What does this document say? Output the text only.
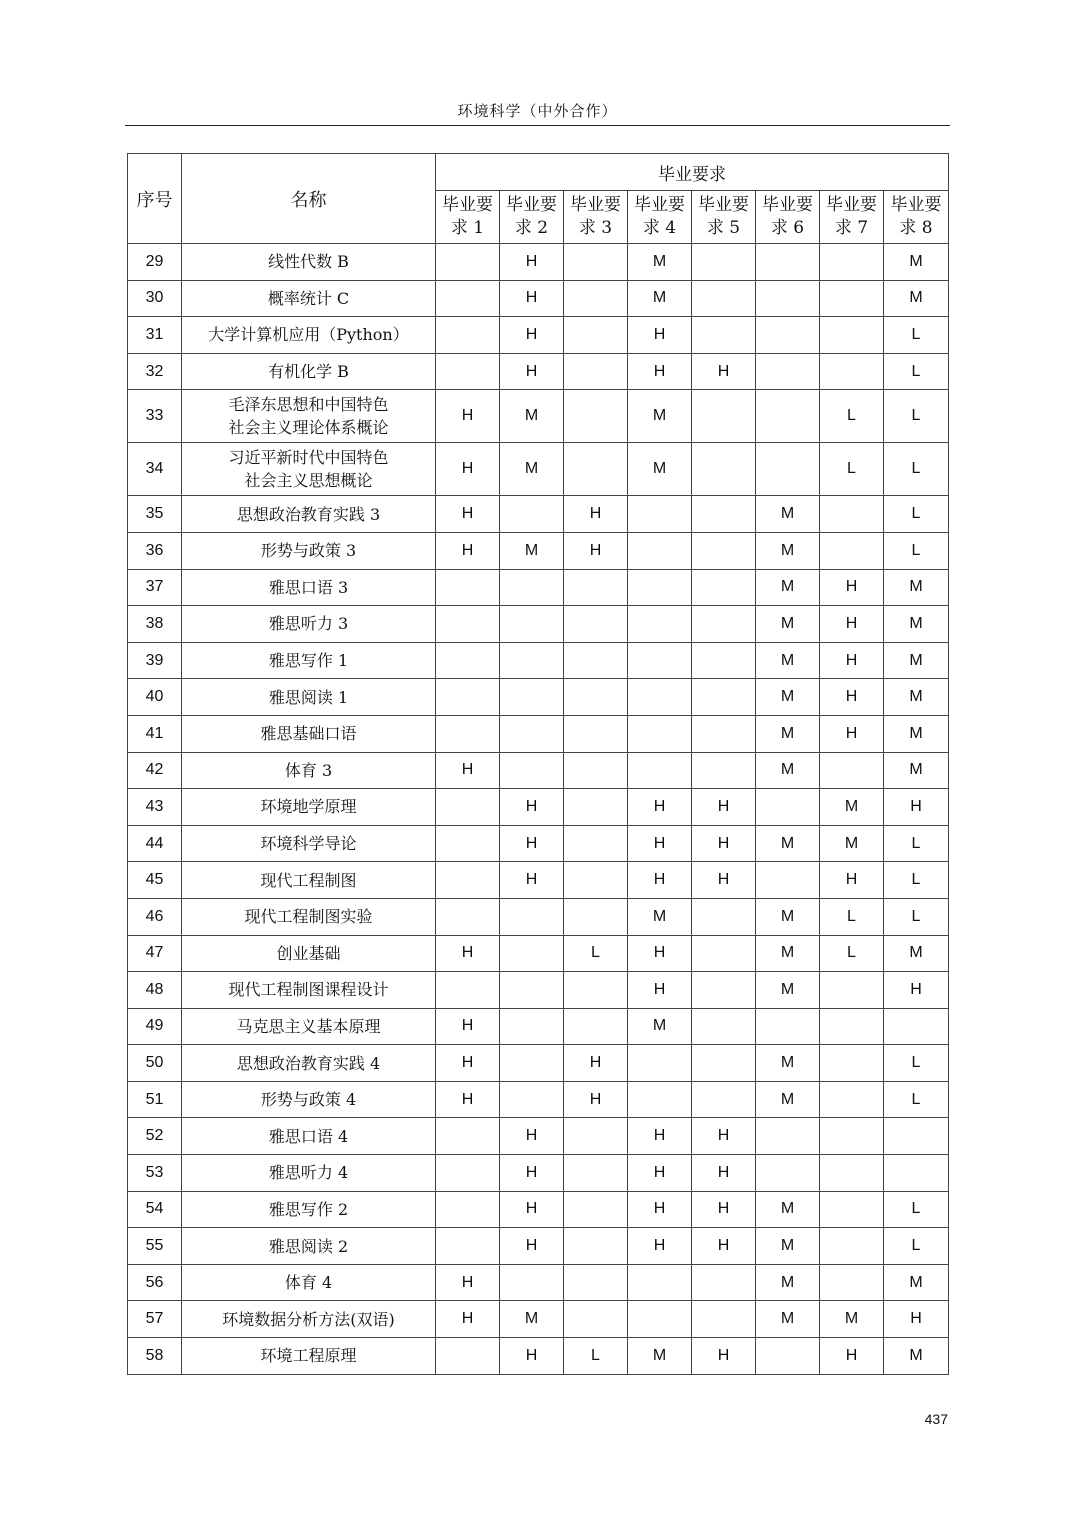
环境科学（中外合作）
序号	名称	毕业要求							

		毕业要
求 1	毕业要
求 2	毕业要
求 3	毕业要
求 4	毕业要
求 5	毕业要
求 6	毕业要
求 7	毕业要
求 8

29	线性代数 B		H		M				M
30	概率统计 C		H		M				M
31	大学计算机应用（Python）		H		H				L
32	有机化学 B		H		H	H			L
33	毛泽东思想和中国特色
社会主义理论体系概论	H	M		M			L	L
34	习近平新时代中国特色
社会主义思想概论	H	M		M			L	L
35	思想政治教育实践 3	H		H			M		L
36	形势与政策 3	H	M	H			M		L
37	雅思口语 3						M	H	M
38	雅思听力 3						M	H	M
39	雅思写作 1						M	H	M
40	雅思阅读 1						M	H	M
41	雅思基础口语						M	H	M
42	体育 3	H					M		M
43	环境地学原理		H		H	H		M	H
44	环境科学导论		H		H	H	M	M	L
45	现代工程制图		H		H	H		H	L
46	现代工程制图实验				M		M	L	L
47	创业基础	H		L	H		M	L	M
48	现代工程制图课程设计				H		M		H
49	马克思主义基本原理	H			M				
50	思想政治教育实践 4	H		H			M		L
51	形势与政策 4	H		H			M		L
52	雅思口语 4		H		H	H			
53	雅思听力 4		H		H	H			
54	雅思写作 2		H		H	H	M		L
55	雅思阅读 2		H		H	H	M		L
56	体育 4	H					M		M
57	环境数据分析方法(双语)	H	M				M	M	H
58	环境工程原理		H	L	M	H		H	M
437
